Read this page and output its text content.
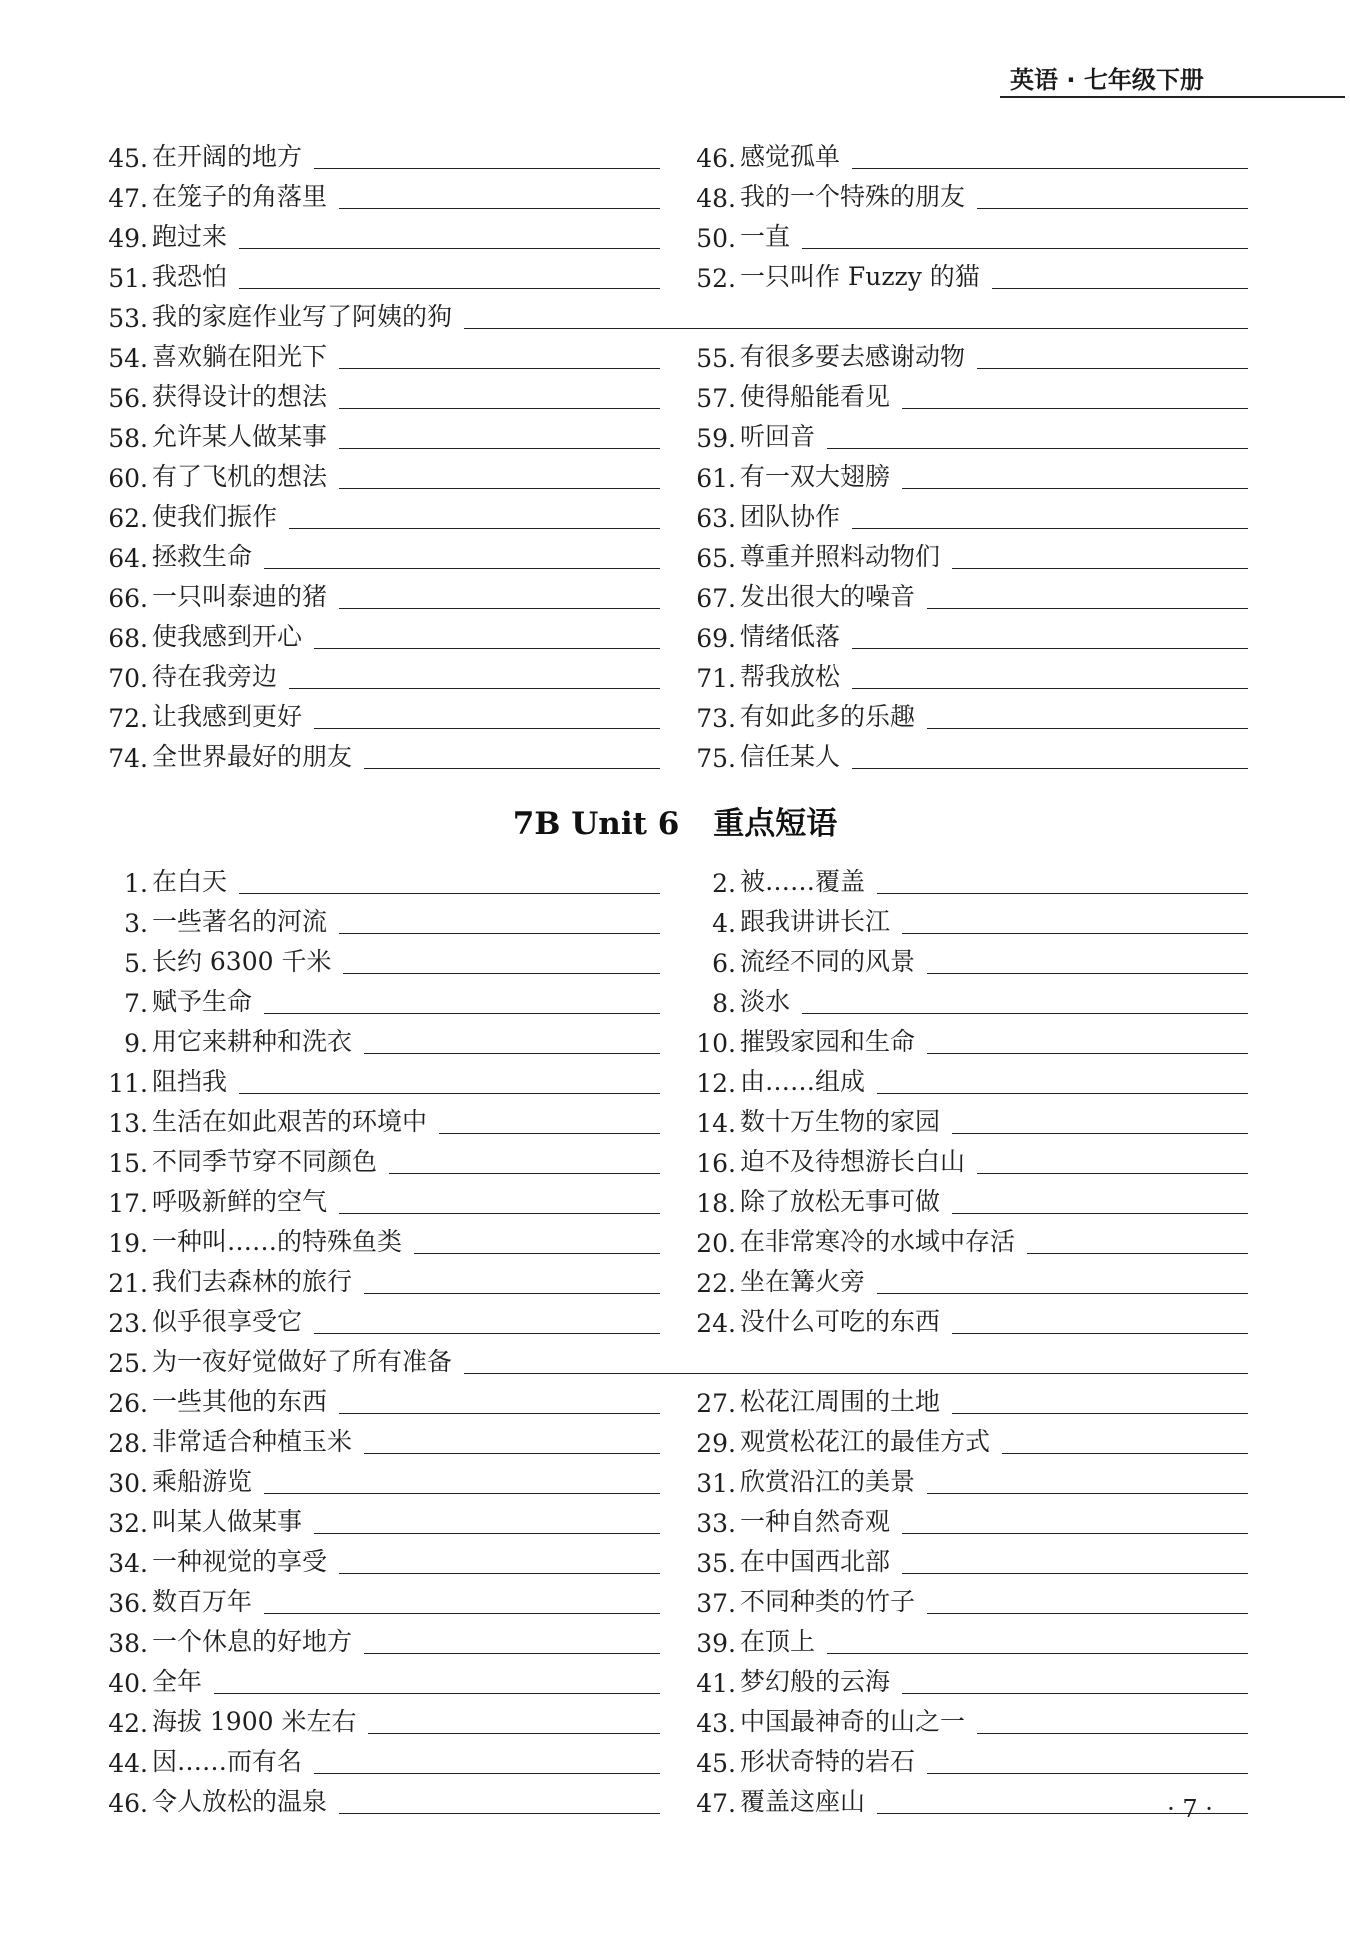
英语 · 七年级下册
45 . 在开阔的地方
47 . 在笼子的角落里
49 . 跑过来
51 . 我恐怕
46 . 感觉孤单
48 . 我的一个特殊的朋友
50 . 一直
52 . 一只叫作 Fuzzy 的猫
53 . 我的家庭作业写了阿姨的狗
54 . 喜欢躺在阳光下
56 . 获得设计的想法
58 . 允许某人做某事
60 . 有了飞机的想法
62 . 使我们振作
64 . 拯救生命
66 . 一只叫泰迪的猪
68 . 使我感到开心
70 . 待在我旁边
72 . 让我感到更好
74 . 全世界最好的朋友
55 . 有很多要去感谢动物
57 . 使得船能看见
59 . 听回音
61 . 有一双大翅膀
63 . 团队协作
65 . 尊重并照料动物们
67 . 发出很大的噪音
69 . 情绪低落
71 . 帮我放松
73 . 有如此多的乐趣
75 . 信任某人
7B Unit 6 重点短语
1 . 在白天
3 . 一些著名的河流
5 . 长约 6300 千米
7 . 赋予生命
9 . 用它来耕种和洗衣
11 . 阻挡我
13 . 生活在如此艰苦的环境中
15 . 不同季节穿不同颜色
17 . 呼吸新鲜的空气
19 . 一种叫……的特殊鱼类
21 . 我们去森林的旅行
23 . 似乎很享受它
2 . 被……覆盖
4 . 跟我讲讲长江
6 . 流经不同的风景
8 . 淡水
10 . 摧毁家园和生命
12 . 由……组成
14 . 数十万生物的家园
16 . 迫不及待想游长白山
18 . 除了放松无事可做
20 . 在非常寒冷的水域中存活
22 . 坐在篝火旁
24 . 没什么可吃的东西
25 . 为一夜好觉做好了所有准备
26 . 一些其他的东西
28 . 非常适合种植玉米
30 . 乘船游览
32 . 叫某人做某事
34 . 一种视觉的享受
36 . 数百万年
38 . 一个休息的好地方
40 . 全年
42 . 海拔 1900 米左右
44 . 因……而有名
46 . 令人放松的温泉
27 . 松花江周围的土地
29 . 观赏松花江的最佳方式
31 . 欣赏沿江的美景
33 . 一种自然奇观
35 . 在中国西北部
37 . 不同种类的竹子
39 . 在顶上
41 . 梦幻般的云海
43 . 中国最神奇的山之一
45 . 形状奇特的岩石
47 . 覆盖这座山	· 7 ·
